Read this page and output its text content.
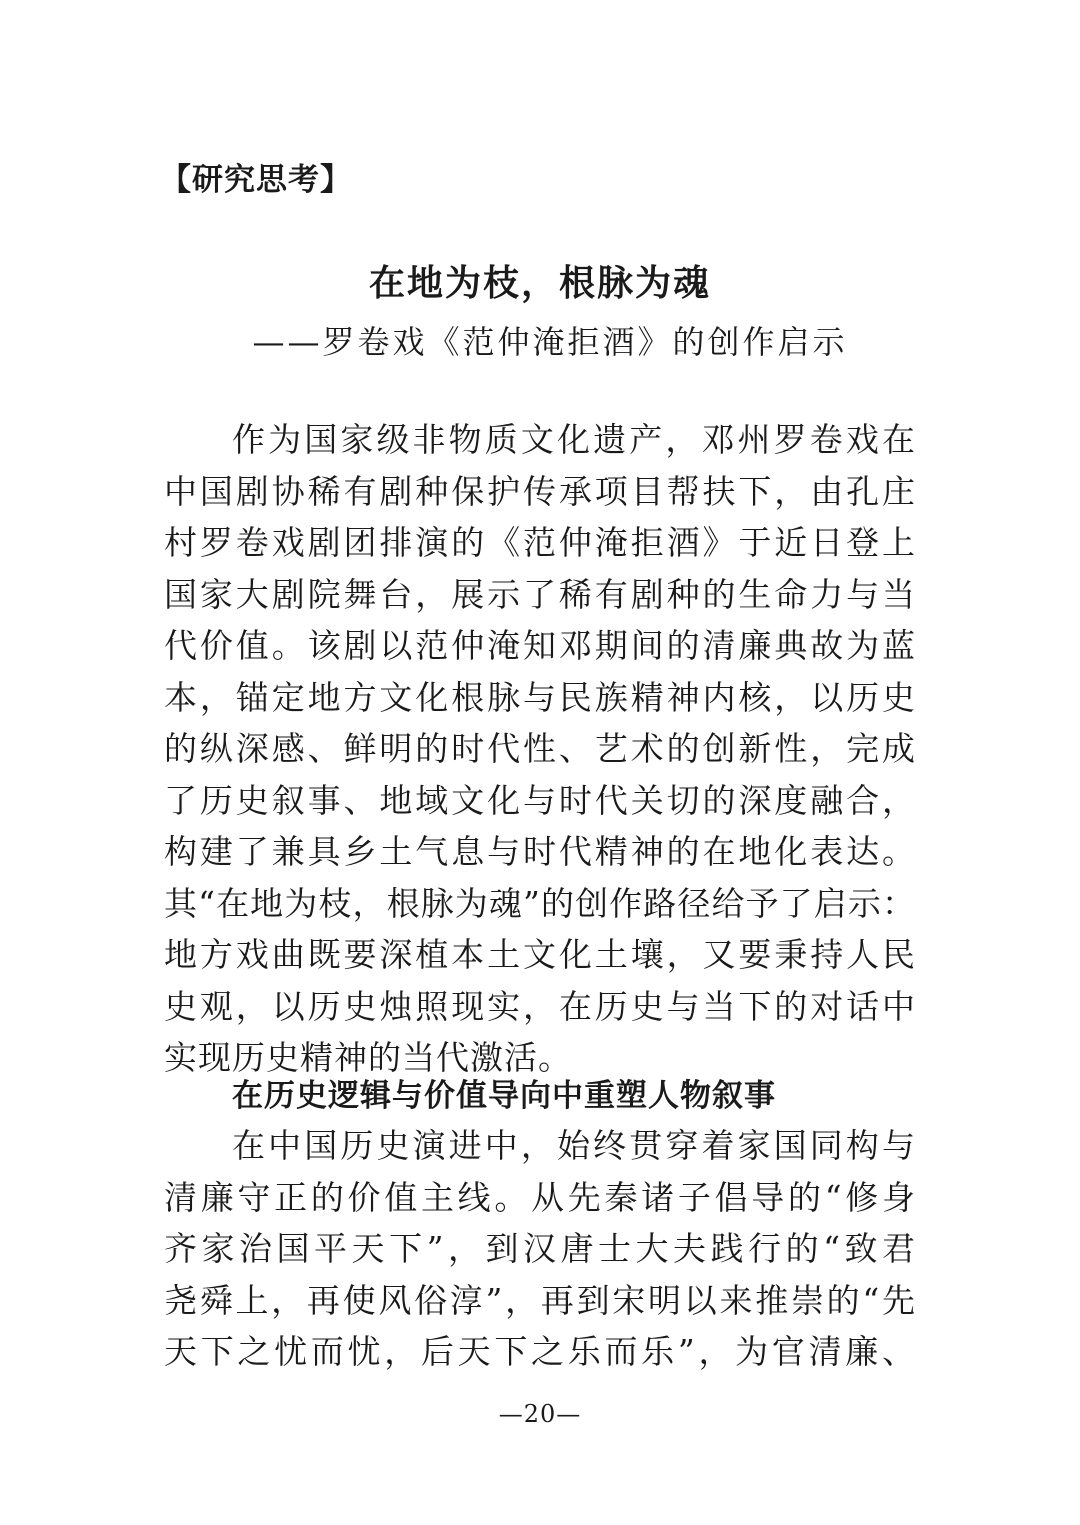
【研究思考】
在地为枝，根脉为魂
——罗卷戏《范仲淹拒酒》的创作启示
作为国家级非物质文化遗产，邓州罗卷戏在
中国剧协稀有剧种保护传承项目帮扶下，由孔庄
村罗卷戏剧团排演的《范仲淹拒酒》于近日登上
国家大剧院舞台，展示了稀有剧种的生命力与当
代价值。该剧以范仲淹知邓期间的清廉典故为蓝
本，锚定地方文化根脉与民族精神内核，以历史
的纵深感、鲜明的时代性、艺术的创新性，完成
了历史叙事、地域文化与时代关切的深度融合，
构建了兼具乡土气息与时代精神的在地化表达。
其“在地为枝，根脉为魂”的创作路径给予了启示：
地方戏曲既要深植本土文化土壤，又要秉持人民
史观，以历史烛照现实，在历史与当下的对话中
实现历史精神的当代激活。
在历史逻辑与价值导向中重塑人物叙事
在中国历史演进中，始终贯穿着家国同构与
清廉守正的价值主线。从先秦诸子倡导的“修身
齐家治国平天下”，到汉唐士大夫践行的“致君
尧舜上，再使风俗淳”，再到宋明以来推崇的“先
天下之忧而忧，后天下之乐而乐”，为官清廉、
—20—
